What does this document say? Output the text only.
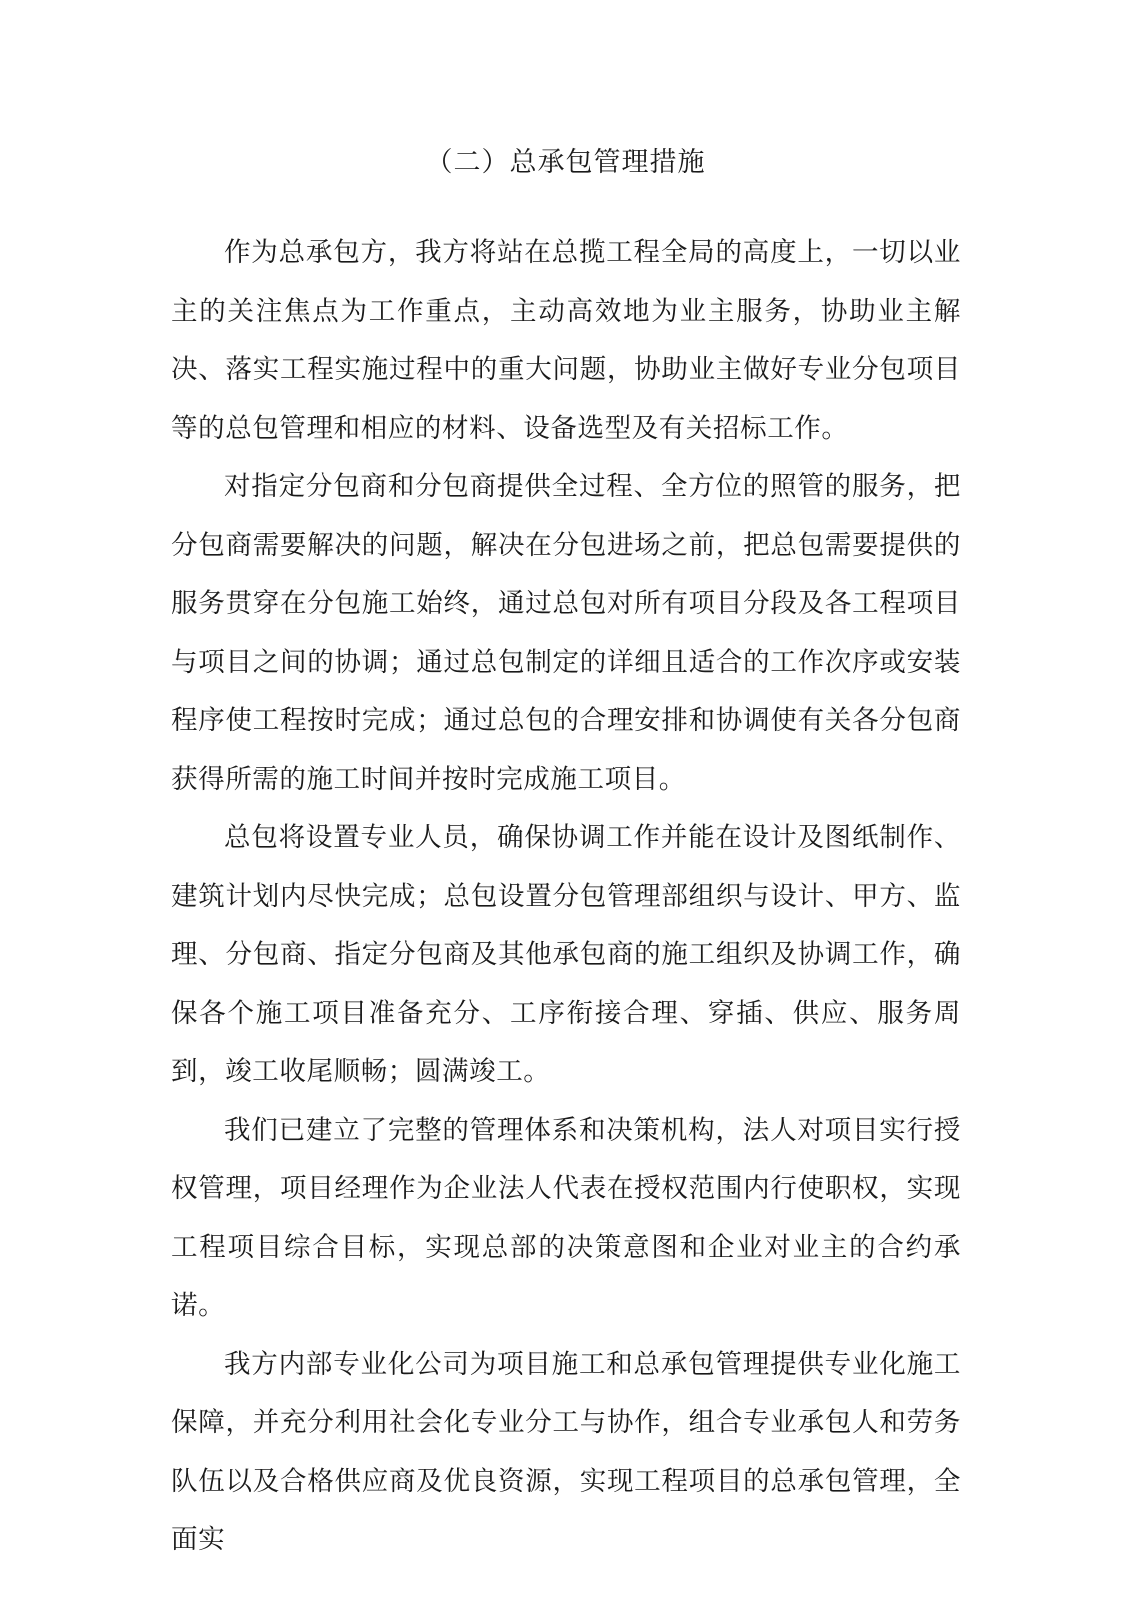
（二）总承包管理措施

作为总承包方，我方将站在总揽工程全局的高度上，一切以业主的关注焦点为工作重点，主动高效地为业主服务，协助业主解决、落实工程实施过程中的重大问题，协助业主做好专业分包项目等的总包管理和相应的材料、设备选型及有关招标工作。

对指定分包商和分包商提供全过程、全方位的照管的服务，把分包商需要解决的问题，解决在分包进场之前，把总包需要提供的服务贯穿在分包施工始终，通过总包对所有项目分段及各工程项目与项目之间的协调；通过总包制定的详细且适合的工作次序或安装程序使工程按时完成；通过总包的合理安排和协调使有关各分包商获得所需的施工时间并按时完成施工项目。

总包将设置专业人员，确保协调工作并能在设计及图纸制作、建筑计划内尽快完成；总包设置分包管理部组织与设计、甲方、监理、分包商、指定分包商及其他承包商的施工组织及协调工作，确保各个施工项目准备充分、工序衔接合理、穿插、供应、服务周到，竣工收尾顺畅；圆满竣工。

我们已建立了完整的管理体系和决策机构，法人对项目实行授权管理，项目经理作为企业法人代表在授权范围内行使职权，实现工程项目综合目标，实现总部的决策意图和企业对业主的合约承诺。

我方内部专业化公司为项目施工和总承包管理提供专业化施工保障，并充分利用社会化专业分工与协作，组合专业承包人和劳务队伍以及合格供应商及优良资源，实现工程项目的总承包管理，全面实
